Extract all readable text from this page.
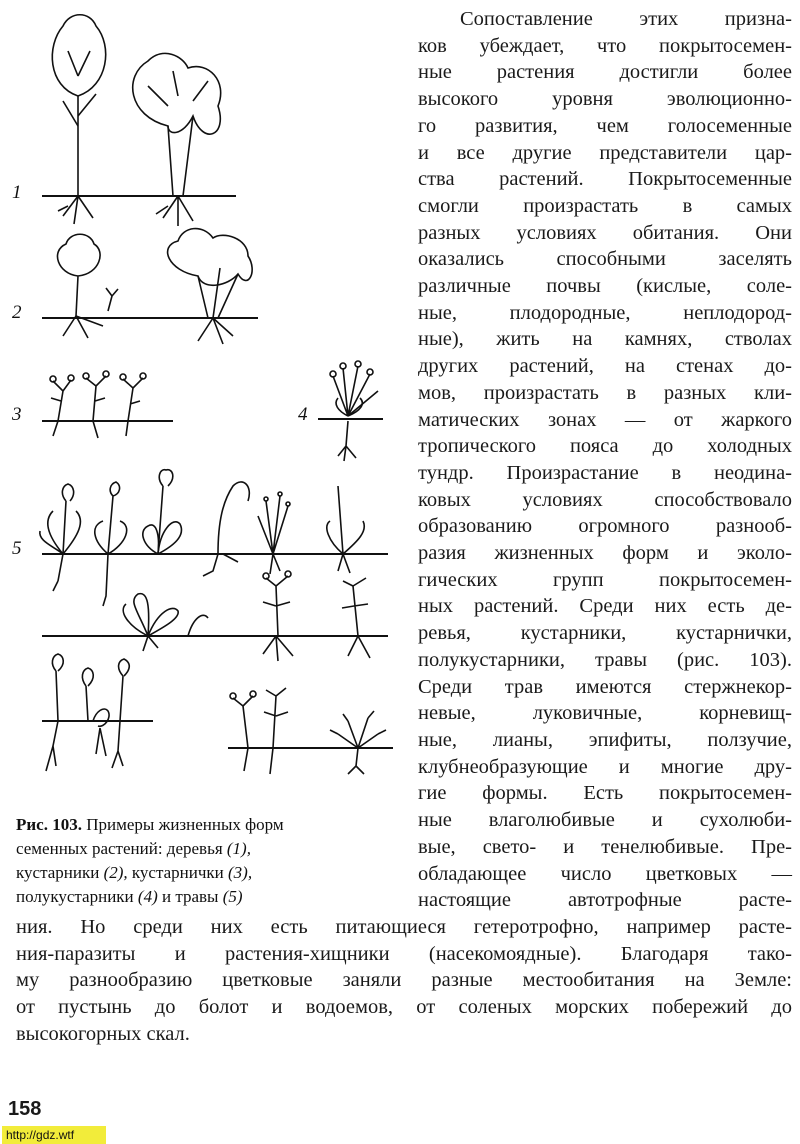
1
2
3	4
5
Рис. 103. Примеры жизненных форм
семенных растений: деревья (1),
кустарники (2), кустарнички (3),
полукустарники (4) и травы (5)
Сопоставление этих призна-
ков убеждает, что покрытосемен-
ные растения достигли более
высокого уровня эволюционно-
го развития, чем голосеменные
и все другие представители цар-
ства растений. Покрытосеменные
смогли произрастать в самых
разных условиях обитания. Они
оказались способными заселять
различные почвы (кислые, соле-
ные, плодородные, неплодород-
ные), жить на камнях, стволах
других растений, на стенах до-
мов, произрастать в разных кли-
матических зонах — от жаркого
тропического пояса до холодных
тундр. Произрастание в неодина-
ковых условиях способствовало
образованию огромного разнооб-
разия жизненных форм и эколо-
гических групп покрытосемен-
ных растений. Среди них есть де-
ревья, кустарники, кустарнички,
полукустарники, травы (рис. 103).
Среди трав имеются стержнекор-
невые, луковичные, корневищ-
ные, лианы, эпифиты, ползучие,
клубнеобразующие и многие дру-
гие формы. Есть покрытосемен-
ные влаголюбивые и сухолюби-
вые, свето- и тенелюбивые. Пре-
обладающее число цветковых —
настоящие автотрофные расте-
ния. Но среди них есть питающиеся гетеротрофно, например расте-
ния-паразиты и растения-хищники (насекомоядные). Благодаря тако-
му разнообразию цветковые заняли разные местообитания на Земле:
от пустынь до болот и водоемов, от соленых морских побережий до
высокогорных скал.
158
http://gdz.wtf
